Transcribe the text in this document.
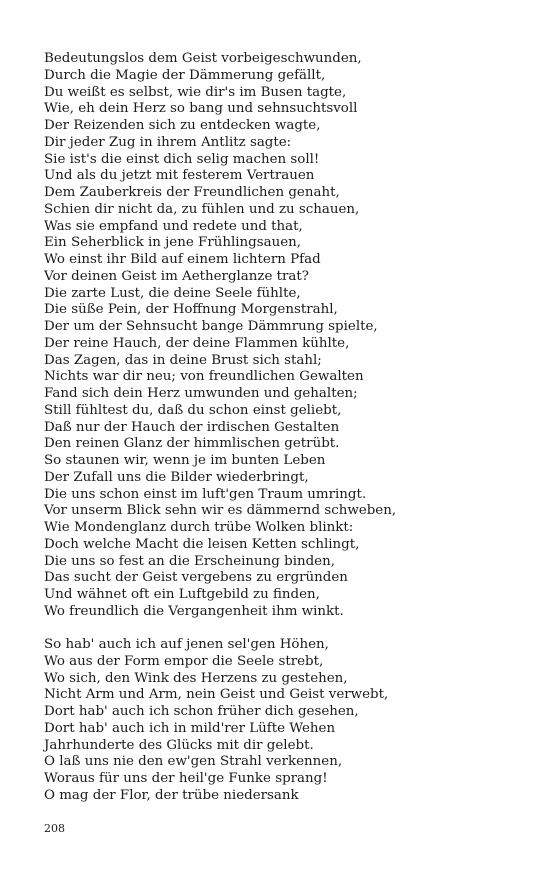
Bedeutungslos dem Geist vorbeigeschwunden,
Durch die Magie der Dämmerung gefällt,
Du weißt es selbst, wie dir's im Busen tagte,
Wie, eh dein Herz so bang und sehnsuchtsvoll
Der Reizenden sich zu entdecken wagte,
Dir jeder Zug in ihrem Antlitz sagte:
Sie ist's die einst dich selig machen soll!
Und als du jetzt mit festerem Vertrauen
Dem Zauberkreis der Freundlichen genaht,
Schien dir nicht da, zu fühlen und zu schauen,
Was sie empfand und redete und that,
Ein Seherblick in jene Frühlingsauen,
Wo einst ihr Bild auf einem lichtern Pfad
Vor deinen Geist im Aetherglanze trat?
Die zarte Lust, die deine Seele fühlte,
Die süße Pein, der Hoffnung Morgenstrahl,
Der um der Sehnsucht bange Dämmrung spielte,
Der reine Hauch, der deine Flammen kühlte,
Das Zagen, das in deine Brust sich stahl;
Nichts war dir neu; von freundlichen Gewalten
Fand sich dein Herz umwunden und gehalten;
Still fühltest du, daß du schon einst geliebt,
Daß nur der Hauch der irdischen Gestalten
Den reinen Glanz der himmlischen getrübt.
So staunen wir, wenn je im bunten Leben
Der Zufall uns die Bilder wiederbringt,
Die uns schon einst im luft'gen Traum umringt.
Vor unserm Blick sehn wir es dämmernd schweben,
Wie Mondenglanz durch trübe Wolken blinkt:
Doch welche Macht die leisen Ketten schlingt,
Die uns so fest an die Erscheinung binden,
Das sucht der Geist vergebens zu ergründen
Und wähnet oft ein Luftgebild zu finden,
Wo freundlich die Vergangenheit ihm winkt.
So hab' auch ich auf jenen sel'gen Höhen,
Wo aus der Form empor die Seele strebt,
Wo sich, den Wink des Herzens zu gestehen,
Nicht Arm und Arm, nein Geist und Geist verwebt,
Dort hab' auch ich schon früher dich gesehen,
Dort hab' auch ich in mild'rer Lüfte Wehen
Jahrhunderte des Glücks mit dir gelebt.
O laß uns nie den ew'gen Strahl verkennen,
Woraus für uns der heil'ge Funke sprang!
O mag der Flor, der trübe niedersank
208
